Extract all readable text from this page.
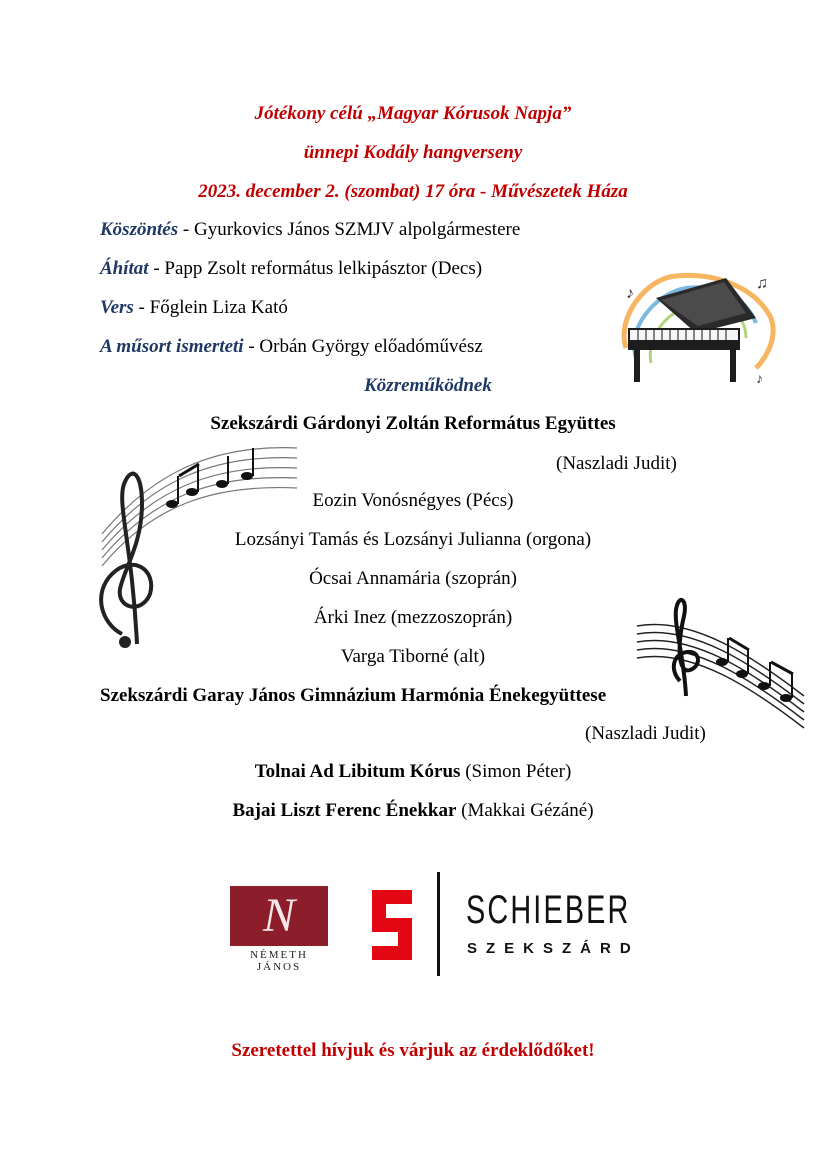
Jótékony célú „Magyar Kórusok Napja”
ünnepi Kodály hangverseny
2023. december 2. (szombat) 17 óra - Művészetek Háza
Köszöntés - Gyurkovics János SZMJV alpolgármestere
Áhítat - Papp Zsolt református lelkipásztor (Decs)
Vers - Főglein Liza Kató
A műsort ismerteti - Orbán György előadóművész
♪
♫
♪
Közreműködnek
Szekszárdi Gárdonyi Zoltán Református Együttes
(Naszladi Judit)
Eozin Vonósnégyes (Pécs)
Lozsányi Tamás és Lozsányi Julianna (orgona)
Ócsai Annamária (szoprán)
Árki Inez (mezzoszoprán)
Varga Tiborné (alt)
Szekszárdi Garay János Gimnázium Harmónia Énekegyüttese
(Naszladi Judit)
Tolnai Ad Libitum Kórus (Simon Péter)
Bajai Liszt Ferenc Énekkar (Makkai Gézáné)
N
NÉMETH
JÁNOS
SCHIEBER
SZEKSZÁRD
Szeretettel hívjuk és várjuk az érdeklődőket!
